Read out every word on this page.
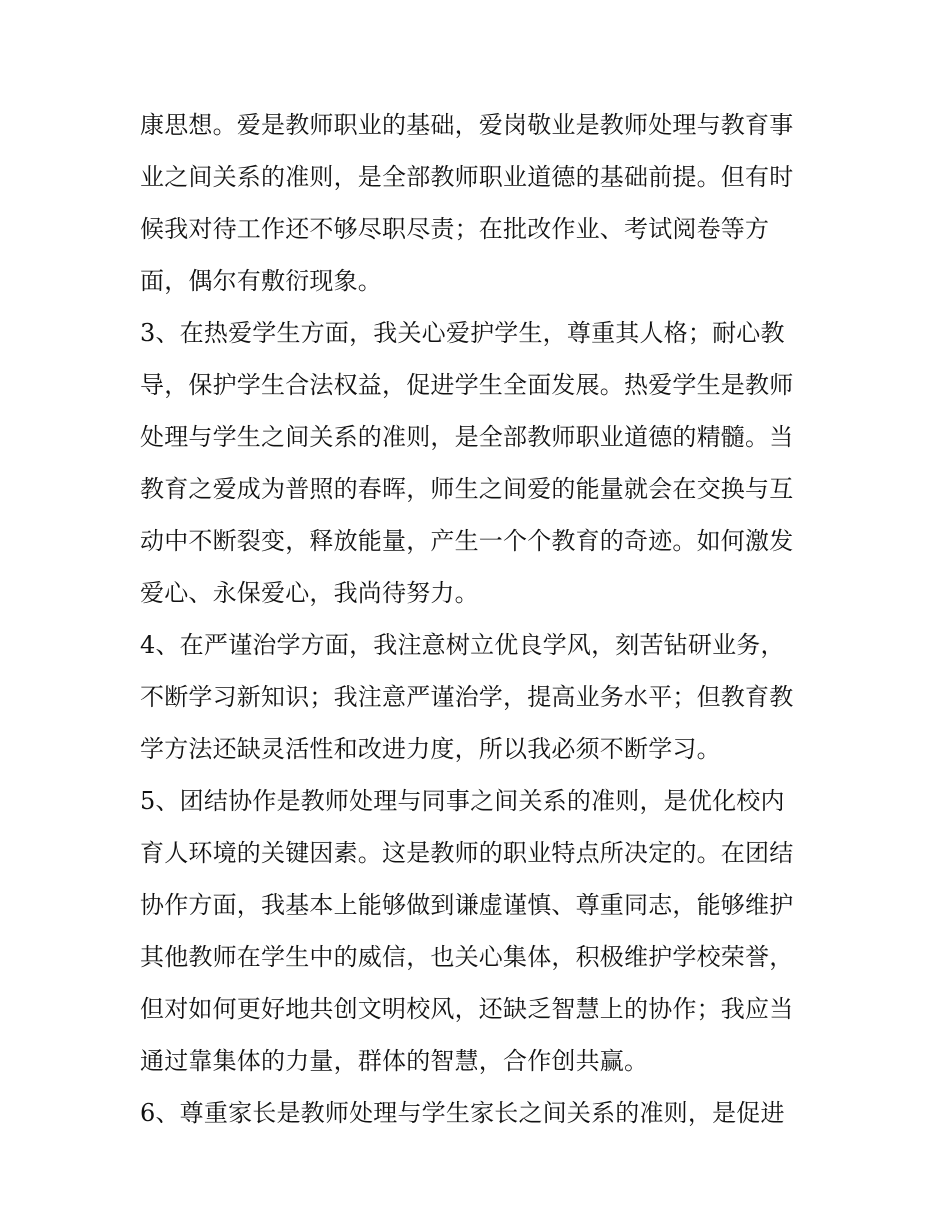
康思想。爱是教师职业的基础，爱岗敬业是教师处理与教育事

业之间关系的准则，是全部教师职业道德的基础前提。但有时

候我对待工作还不够尽职尽责；在批改作业、考试阅卷等方

面，偶尔有敷衍现象。

3、在热爱学生方面，我关心爱护学生，尊重其人格；耐心教

导，保护学生合法权益，促进学生全面发展。热爱学生是教师

处理与学生之间关系的准则，是全部教师职业道德的精髓。当

教育之爱成为普照的春晖，师生之间爱的能量就会在交换与互

动中不断裂变，释放能量，产生一个个教育的奇迹。如何激发

爱心、永保爱心，我尚待努力。

4、在严谨治学方面，我注意树立优良学风，刻苦钻研业务，

不断学习新知识；我注意严谨治学，提高业务水平；但教育教

学方法还缺灵活性和改进力度，所以我必须不断学习。

5、团结协作是教师处理与同事之间关系的准则，是优化校内

育人环境的关键因素。这是教师的职业特点所决定的。在团结

协作方面，我基本上能够做到谦虚谨慎、尊重同志，能够维护

其他教师在学生中的威信，也关心集体，积极维护学校荣誉，

但对如何更好地共创文明校风，还缺乏智慧上的协作；我应当

通过靠集体的力量，群体的智慧，合作创共赢。

6、尊重家长是教师处理与学生家长之间关系的准则，是促进
